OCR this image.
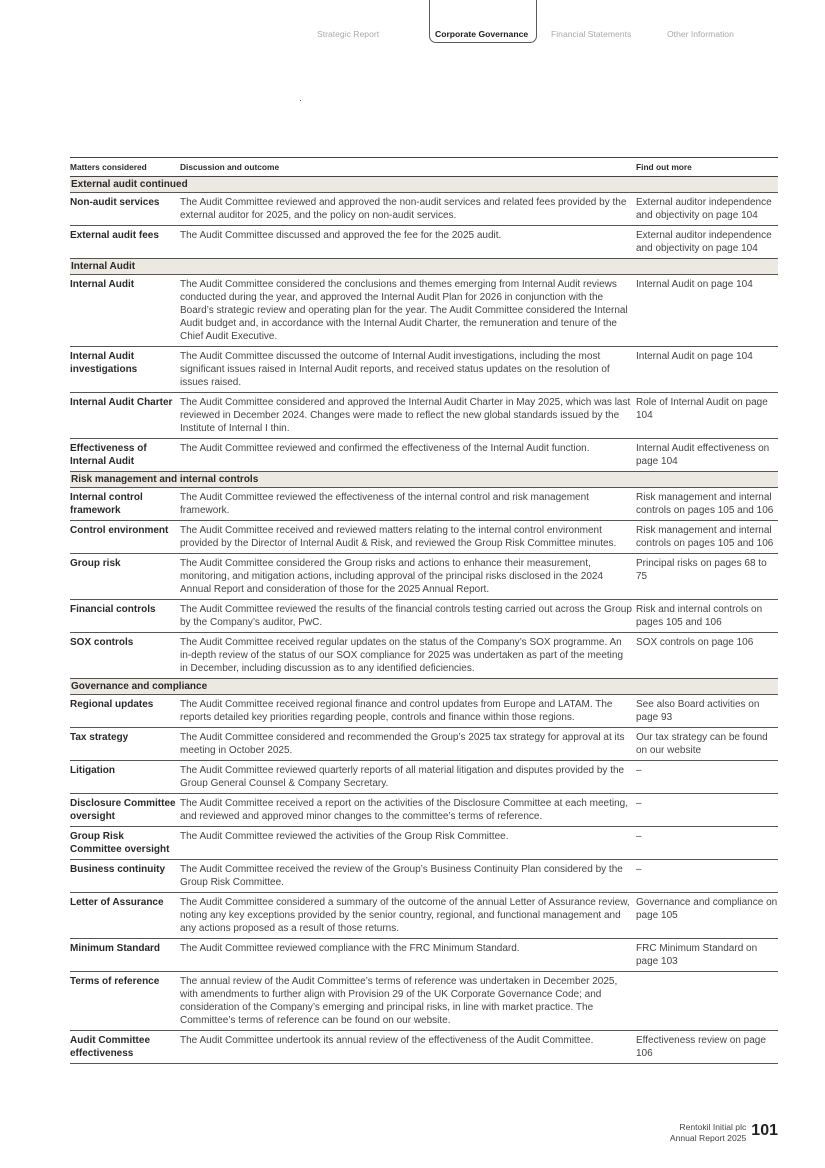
Strategic Report	Corporate Governance	Financial Statements	Other Information
Matters considered	Discussion and outcome	Find out more
External audit continued		
Non-audit services	The Audit Committee reviewed and approved the non-audit services and related fees provided by the external auditor for 2025, and the policy on non-audit services.	External auditor independence and objectivity on page 104
External audit fees	The Audit Committee discussed and approved the fee for the 2025 audit.	External auditor independence and objectivity on page 104
Internal Audit		
Internal Audit	The Audit Committee considered the conclusions and themes emerging from Internal Audit reviews conducted during the year, and approved the Internal Audit Plan for 2026 in conjunction with the Board’s strategic review and operating plan for the year. The Audit Committee considered the Internal Audit budget and, in accordance with the Internal Audit Charter, the remuneration and tenure of the Chief Audit Executive.	Internal Audit on page 104
Internal Audit investigations	The Audit Committee discussed the outcome of Internal Audit investigations, including the most significant issues raised in Internal Audit reports, and received status updates on the resolution of issues raised.	Internal Audit on page 104
Internal Audit Charter	The Audit Committee considered and approved the Internal Audit Charter in May 2025, which was last reviewed in December 2024. Changes were made to reflect the new global standards issued by the Institute of Internal I thin.	Role of Internal Audit on page 104
Effectiveness of Internal Audit	The Audit Committee reviewed and confirmed the effectiveness of the Internal Audit function.	Internal Audit effectiveness on page 104
Risk management and internal controls		
Internal control framework	The Audit Committee reviewed the effectiveness of the internal control and risk management framework.	Risk management and internal controls on pages 105 and 106
Control environment	The Audit Committee received and reviewed matters relating to the internal control environment provided by the Director of Internal Audit & Risk, and reviewed the Group Risk Committee minutes.	Risk management and internal controls on pages 105 and 106
Group risk	The Audit Committee considered the Group risks and actions to enhance their measurement, monitoring, and mitigation actions, including approval of the principal risks disclosed in the 2024 Annual Report and consideration of those for the 2025 Annual Report.	Principal risks on pages 68 to 75
Financial controls	The Audit Committee reviewed the results of the financial controls testing carried out across the Group by the Company’s auditor, PwC.	Risk and internal controls on pages 105 and 106
SOX controls	The Audit Committee received regular updates on the status of the Company’s SOX programme. An in-depth review of the status of our SOX compliance for 2025 was undertaken as part of the meeting in December, including discussion as to any identified deficiencies.	SOX controls on page 106
Governance and compliance		
Regional updates	The Audit Committee received regional finance and control updates from Europe and LATAM. The reports detailed key priorities regarding people, controls and finance within those regions.	See also Board activities on page 93
Tax strategy	The Audit Committee considered and recommended the Group’s 2025 tax strategy for approval at its meeting in October 2025.	Our tax strategy can be found on our website
Litigation	The Audit Committee reviewed quarterly reports of all material litigation and disputes provided by the Group General Counsel & Company Secretary.	–
Disclosure Committee oversight	The Audit Committee received a report on the activities of the Disclosure Committee at each meeting, and reviewed and approved minor changes to the committee’s terms of reference.	–
Group Risk Committee oversight	The Audit Committee reviewed the activities of the Group Risk Committee.	–
Business continuity	The Audit Committee received the review of the Group’s Business Continuity Plan considered by the Group Risk Committee.	–
Letter of Assurance	The Audit Committee considered a summary of the outcome of the annual Letter of Assurance review, noting any key exceptions provided by the senior country, regional, and functional management and any actions proposed as a result of those returns.	Governance and compliance on page 105
Minimum Standard	The Audit Committee reviewed compliance with the FRC Minimum Standard.	FRC Minimum Standard on page 103
Terms of reference	The annual review of the Audit Committee’s terms of reference was undertaken in December 2025, with amendments to further align with Provision 29 of the UK Corporate Governance Code; and consideration of the Company’s emerging and principal risks, in line with market practice. The Committee’s terms of reference can be found on our website.	
Audit Committee effectiveness	The Audit Committee undertook its annual review of the effectiveness of the Audit Committee.	Effectiveness review on page 106
Rentokil Initial plc
Annual Report 2025 101
